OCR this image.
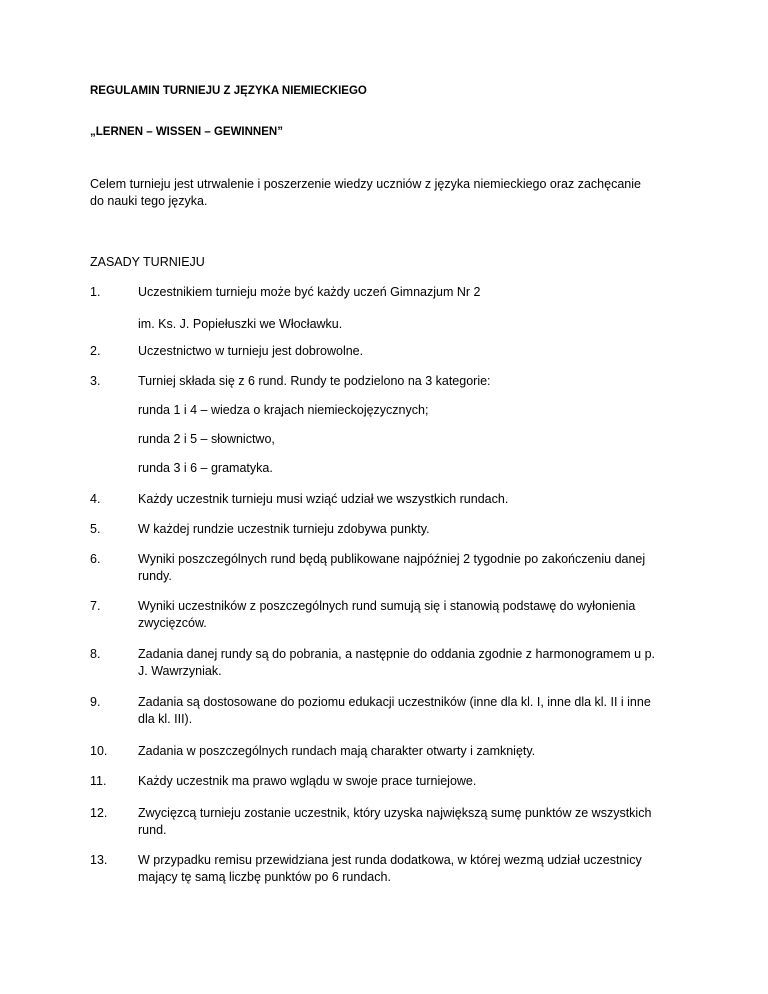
REGULAMIN TURNIEJU Z JĘZYKA NIEMIECKIEGO
„LERNEN – WISSEN – GEWINNEN”
Celem turnieju jest utrwalenie i poszerzenie wiedzy uczniów z języka niemieckiego oraz zachęcanie
do nauki tego języka.
ZASADY TURNIEJU
1.	Uczestnikiem turnieju może być każdy uczeń Gimnazjum Nr 2
im. Ks. J. Popiełuszki we Włocławku.
2.	Uczestnictwo w turnieju jest dobrowolne.
3.	Turniej składa się z 6 rund. Rundy te podzielono na 3 kategorie:
runda 1 i 4 – wiedza o krajach niemieckojęzycznych;
runda 2 i 5 – słownictwo,
runda 3 i 6 – gramatyka.
4.	Każdy uczestnik turnieju musi wziąć udział we wszystkich rundach.
5.	W każdej rundzie uczestnik turnieju zdobywa punkty.
6.	Wyniki poszczególnych rund będą publikowane najpóźniej 2 tygodnie po zakończeniu danej
rundy.
7.	Wyniki uczestników z poszczególnych rund sumują się i stanowią podstawę do wyłonienia
zwycięzców.
8.	Zadania danej rundy są do pobrania, a następnie do oddania zgodnie z harmonogramem u p.
J. Wawrzyniak.
9.	Zadania są dostosowane do poziomu edukacji uczestników (inne dla kl. I, inne dla kl. II i inne
dla kl. III).
10. Zadania w poszczególnych rundach mają charakter otwarty i zamknięty.
11.	Każdy uczestnik ma prawo wglądu w swoje prace turniejowe.
12. Zwycięzcą turnieju zostanie uczestnik, który uzyska największą sumę punktów ze wszystkich
rund.
13. W przypadku remisu przewidziana jest runda dodatkowa, w której wezmą udział uczestnicy
mający tę samą liczbę punktów po 6 rundach.
